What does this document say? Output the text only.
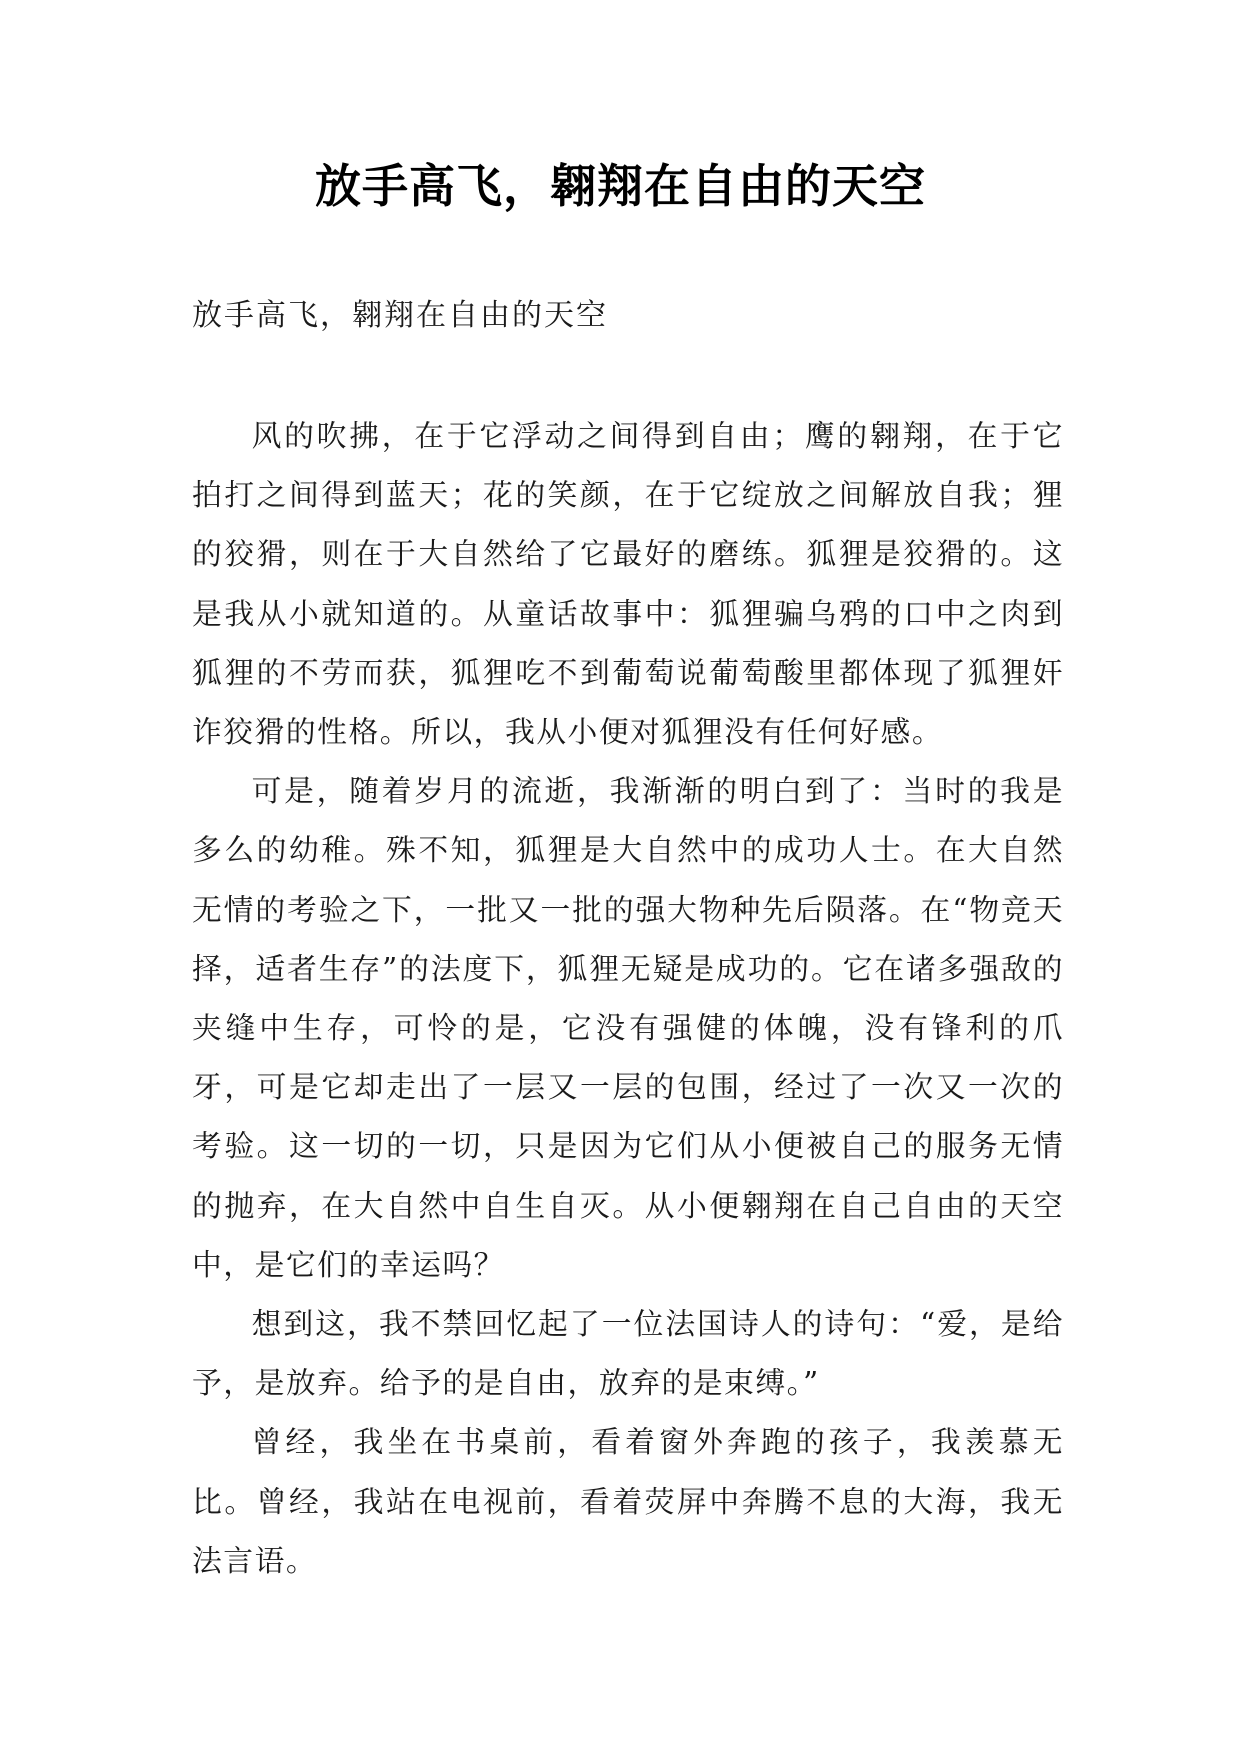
放手高飞，翱翔在自由的天空
放手高飞，翱翔在自由的天空

风的吹拂，在于它浮动之间得到自由；鹰的翱翔，在于它拍打之间得到蓝天；花的笑颜，在于它绽放之间解放自我；狸的狡猾，则在于大自然给了它最好的磨练。狐狸是狡猾的。这是我从小就知道的。从童话故事中：狐狸骗乌鸦的口中之肉到狐狸的不劳而获，狐狸吃不到葡萄说葡萄酸里都体现了狐狸奸诈狡猾的性格。所以，我从小便对狐狸没有任何好感。

可是，随着岁月的流逝，我渐渐的明白到了：当时的我是多么的幼稚。殊不知，狐狸是大自然中的成功人士。在大自然无情的考验之下，一批又一批的强大物种先后陨落。在“物竞天择，适者生存”的法度下，狐狸无疑是成功的。它在诸多强敌的夹缝中生存，可怜的是，它没有强健的体魄，没有锋利的爪牙，可是它却走出了一层又一层的包围，经过了一次又一次的考验。这一切的一切，只是因为它们从小便被自己的服务无情的抛弃，在大自然中自生自灭。从小便翱翔在自己自由的天空中，是它们的幸运吗？

想到这，我不禁回忆起了一位法国诗人的诗句：“爱，是给予，是放弃。给予的是自由，放弃的是束缚。”

曾经，我坐在书桌前，看着窗外奔跑的孩子，我羡慕无比。曾经，我站在电视前，看着荧屏中奔腾不息的大海，我无法言语。
